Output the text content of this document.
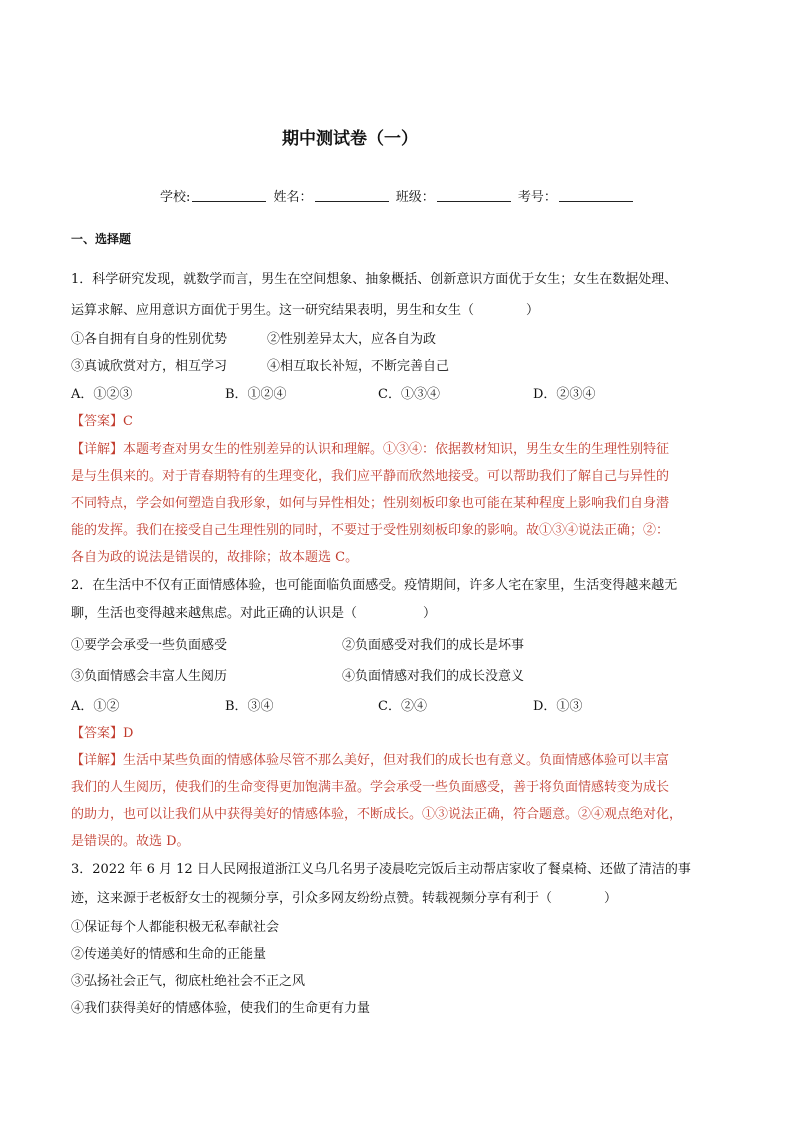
期中测试卷（一）
学校:	姓名：	班级：	考号：
一、选择题
1．科学研究发现，就数学而言，男生在空间想象、抽象概括、创新意识方面优于女生；女生在数据处理、
运算求解、应用意识方面优于男生。这一研究结果表明，男生和女生（	）
①各自拥有自身的性别优势	②性别差异太大，应各自为政
③真诚欣赏对方，相互学习	④相互取长补短，不断完善自己
A．①②③	B．①②④	C．①③④	D．②③④
【答案】C
【详解】本题考查对男女生的性别差异的认识和理解。①③④：依据教材知识，男生女生的生理性别特征
是与生俱来的。对于青春期特有的生理变化，我们应平静而欣然地接受。可以帮助我们了解自己与异性的
不同特点，学会如何塑造自我形象，如何与异性相处；性别刻板印象也可能在某种程度上影响我们自身潜
能的发挥。我们在接受自己生理性别的同时，不要过于受性别刻板印象的影响。故①③④说法正确；②：
各自为政的说法是错误的，故排除；故本题选 C。
2．在生活中不仅有正面情感体验，也可能面临负面感受。疫情期间，许多人宅在家里，生活变得越来越无
聊，生活也变得越来越焦虑。对此正确的认识是（	）
①要学会承受一些负面感受	②负面感受对我们的成长是坏事
③负面情感会丰富人生阅历	④负面情感对我们的成长没意义
A．①②	B．③④	C．②④	D．①③
【答案】D
【详解】生活中某些负面的情感体验尽管不那么美好，但对我们的成长也有意义。负面情感体验可以丰富
我们的人生阅历，使我们的生命变得更加饱满丰盈。学会承受一些负面感受，善于将负面情感转变为成长
的助力，也可以让我们从中获得美好的情感体验，不断成长。①③说法正确，符合题意。②④观点绝对化，
是错误的。故选 D。
3．2022 年 6 月 12 日人民网报道浙江义乌几名男子凌晨吃完饭后主动帮店家收了餐桌椅、还做了清洁的事
迹，这来源于老板舒女士的视频分享，引众多网友纷纷点赞。转载视频分享有利于（	）
①保证每个人都能积极无私奉献社会
②传递美好的情感和生命的正能量
③弘扬社会正气，彻底杜绝社会不正之风
④我们获得美好的情感体验，使我们的生命更有力量
